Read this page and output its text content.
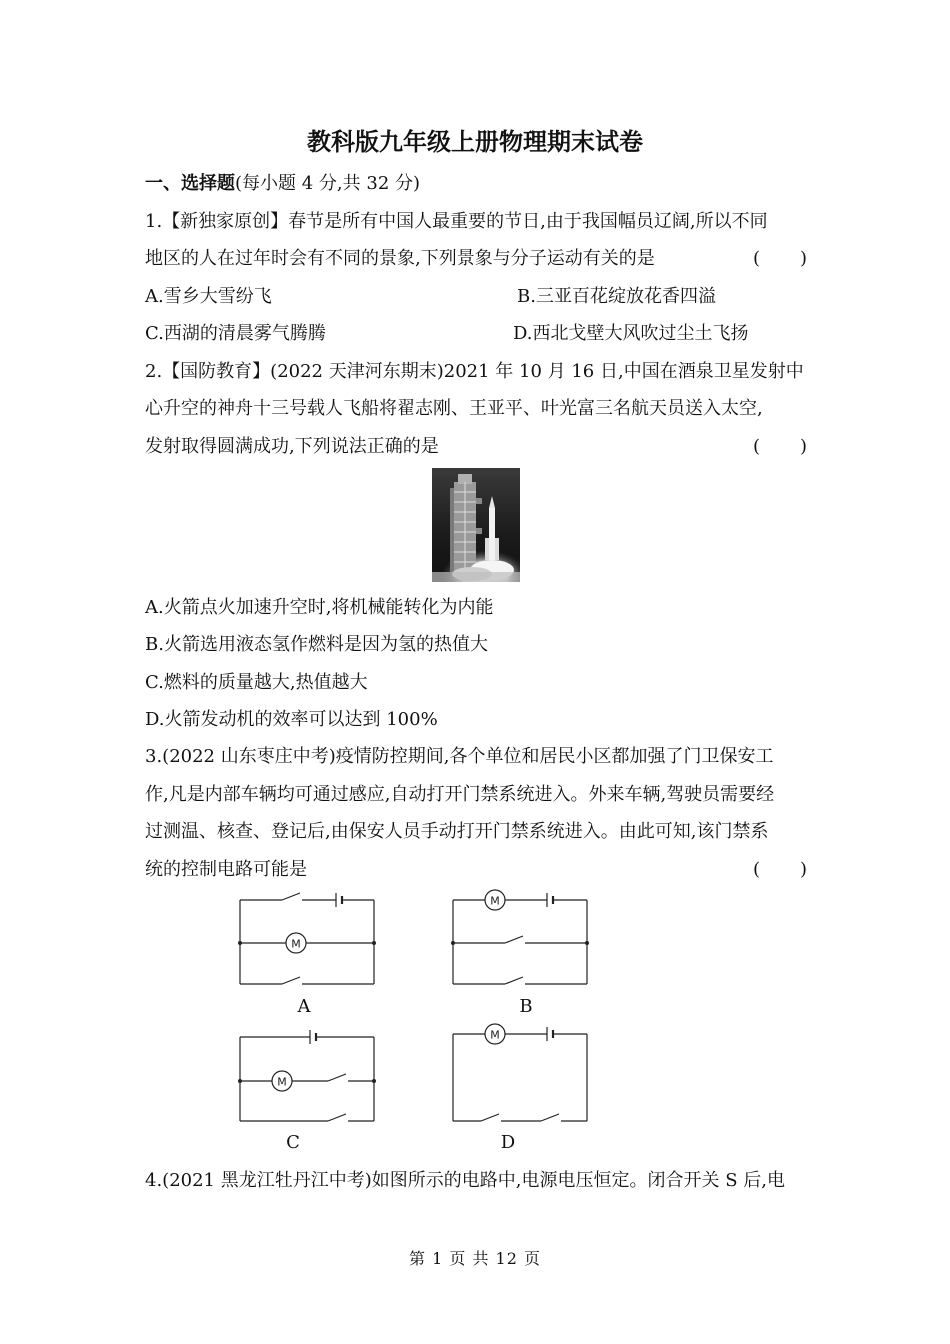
教科版九年级上册物理期末试卷
一、选择题(每小题 4 分,共 32 分)
1.【新独家原创】春节是所有中国人最重要的节日,由于我国幅员辽阔,所以不同
地区的人在过年时会有不同的景象,下列景象与分子运动有关的是	( )
A.雪乡大雪纷飞	B.三亚百花绽放花香四溢
C.西湖的清晨雾气腾腾	D.西北戈壁大风吹过尘土飞扬
2.【国防教育】(2022 天津河东期末)2021 年 10 月 16 日,中国在酒泉卫星发射中
心升空的神舟十三号载人飞船将翟志刚、王亚平、叶光富三名航天员送入太空,
发射取得圆满成功,下列说法正确的是	( )
A.火箭点火加速升空时,将机械能转化为内能
B.火箭选用液态氢作燃料是因为氢的热值大
C.燃料的质量越大,热值越大
D.火箭发动机的效率可以达到 100%
3.(2022 山东枣庄中考)疫情防控期间,各个单位和居民小区都加强了门卫保安工
作,凡是内部车辆均可通过感应,自动打开门禁系统进入。外来车辆,驾驶员需要经
过测温、核查、登记后,由保安人员手动打开门禁系统进入。由此可知,该门禁系
统的控制电路可能是	( )
M
A
M
B
M
C
M
D
4.(2021 黑龙江牡丹江中考)如图所示的电路中,电源电压恒定。闭合开关 S 后,电
第 1 页 共 12 页
